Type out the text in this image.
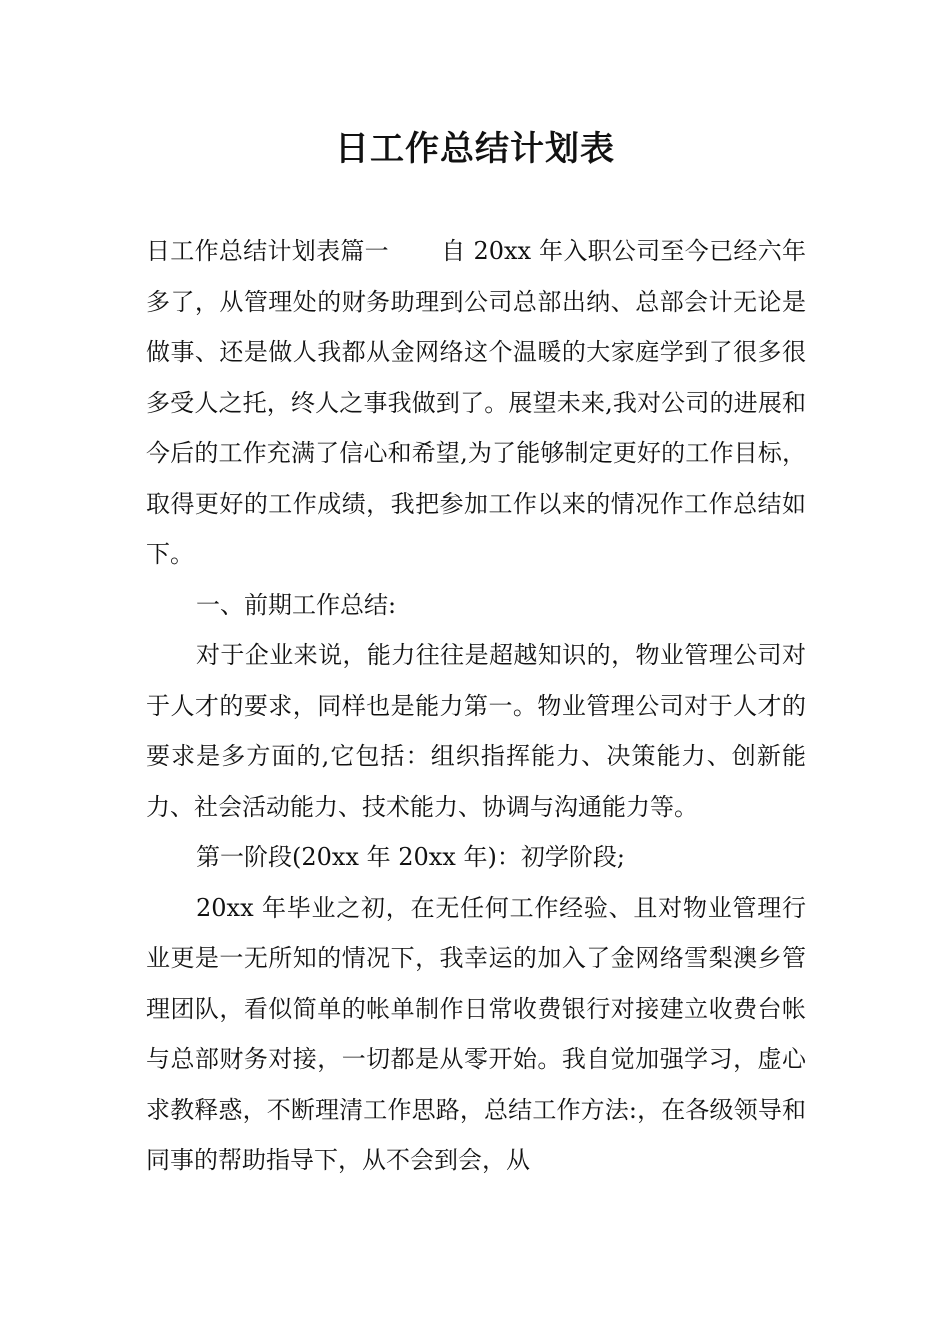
日工作总结计划表

日工作总结计划表篇一 自 20xx 年入职公司至今已经六年多了，从管理处的财务助理到公司总部出纳、总部会计无论是做事、还是做人我都从金网络这个温暖的大家庭学到了很多很多受人之托，终人之事我做到了。展望未来,我对公司的进展和今后的工作充满了信心和希望,为了能够制定更好的工作目标，取得更好的工作成绩，我把参加工作以来的情况作工作总结如下。

一、前期工作总结:

对于企业来说，能力往往是超越知识的，物业管理公司对于人才的要求，同样也是能力第一。物业管理公司对于人才的要求是多方面的,它包括：组织指挥能力、决策能力、创新能力、社会活动能力、技术能力、协调与沟通能力等。

第一阶段(20xx 年 20xx 年)：初学阶段;

20xx 年毕业之初，在无任何工作经验、且对物业管理行业更是一无所知的情况下，我幸运的加入了金网络雪梨澳乡管理团队，看似简单的帐单制作日常收费银行对接建立收费台帐与总部财务对接，一切都是从零开始。我自觉加强学习，虚心求教释惑，不断理清工作思路，总结工作方法:，在各级领导和同事的帮助指导下，从不会到会，从
